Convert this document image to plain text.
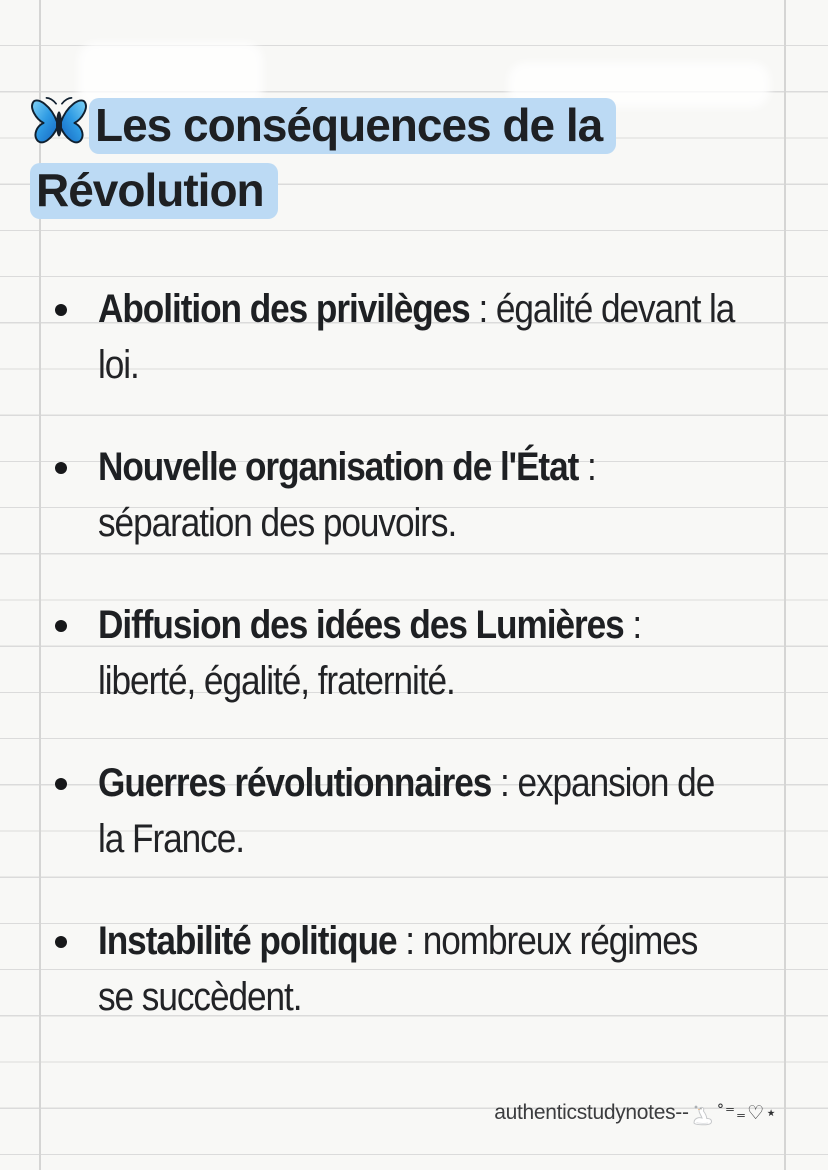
Les conséquences de la Révolution

Abolition des privilèges : égalité devant la loi.

Nouvelle organisation de l'État : séparation des pouvoirs.

Diffusion des idées des Lumières : liberté, égalité, fraternité.

Guerres révolutionnaires : expansion de la France.

Instabilité politique : nombreux régimes se succèdent.

authenticstudynotes-- ˚⁼₌♡⋆
